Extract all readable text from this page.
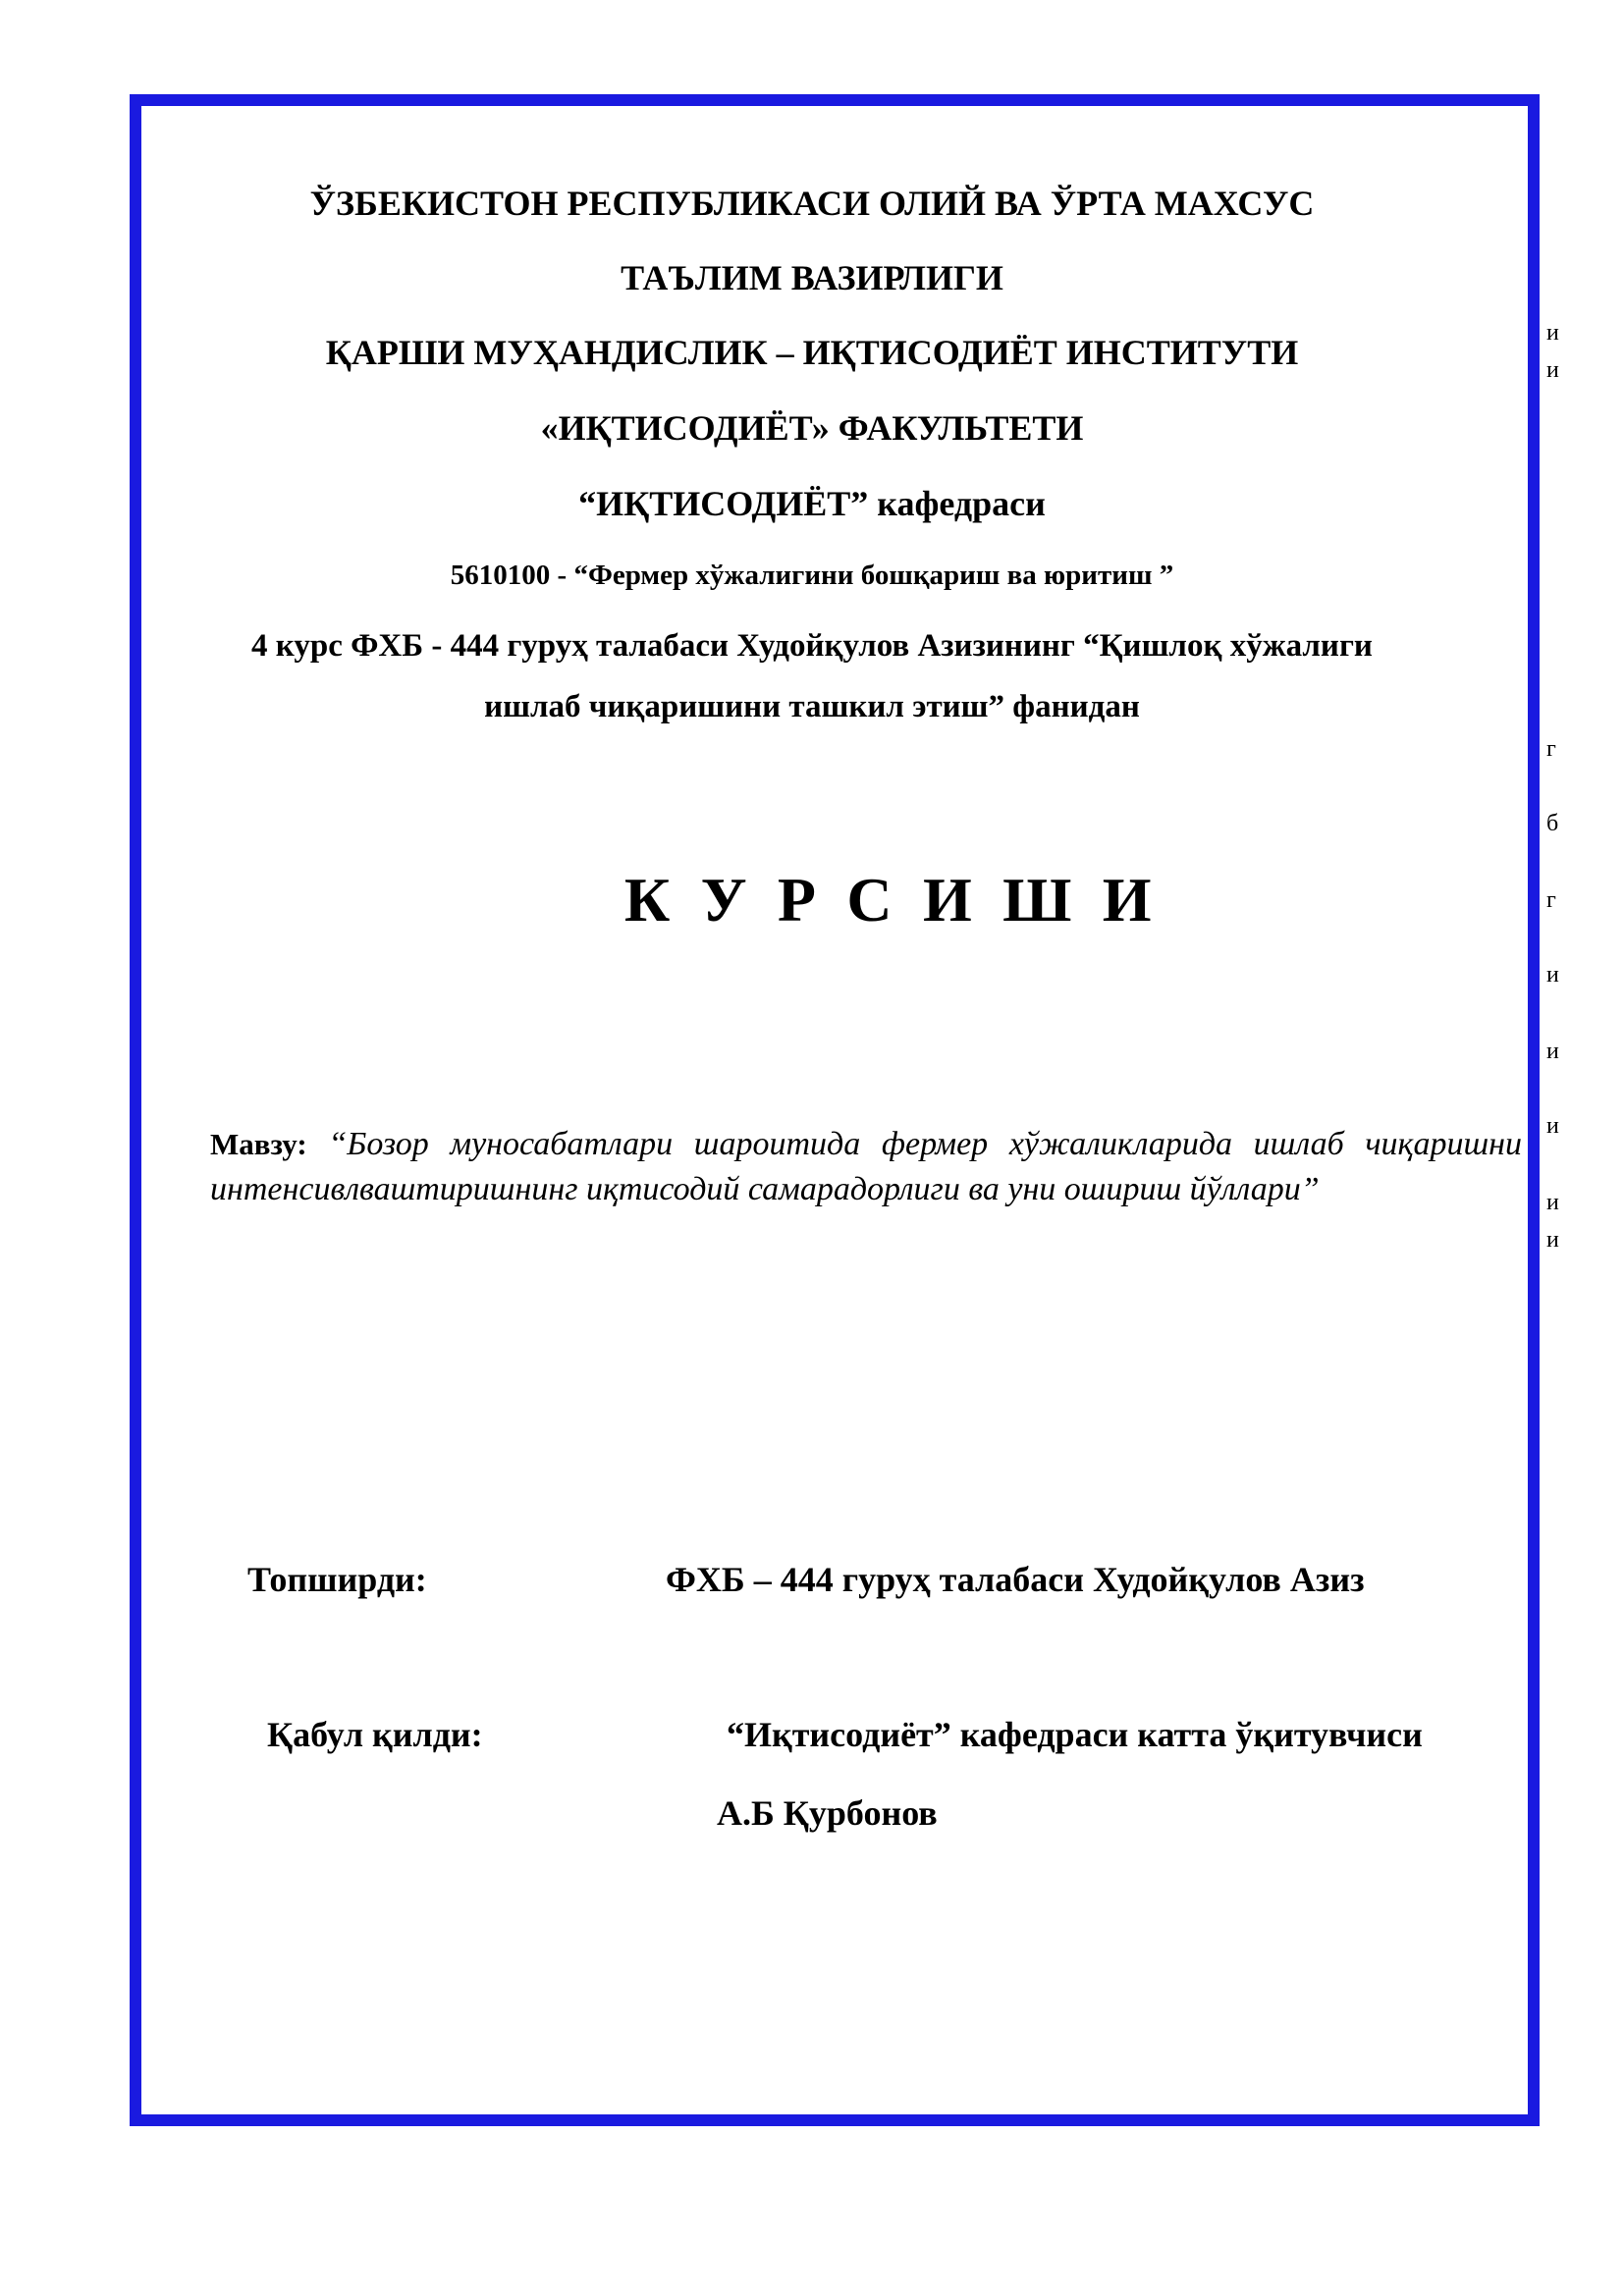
ЎЗБЕКИСТОН РЕСПУБЛИКАСИ ОЛИЙ ВА ЎРТА МАХСУС
ТАЪЛИМ ВАЗИРЛИГИ
ҚАРШИ МУҲАНДИСЛИК – ИҚТИСОДИЁТ ИНСТИТУТИ
«ИҚТИСОДИЁТ» ФАКУЛЬТЕТИ
“ИҚТИСОДИЁТ” кафедраси
5610100 - “Фермер хўжалигини бошқариш ва юритиш ”
4 курс ФХБ - 444 гуруҳ талабаси Худойқулов Азизининг “Қишлоқ хўжалиги
ишлаб чиқаришини ташкил этиш” фанидан
К У Р С И Ш И
Мавзу: “Бозор муносабатлари шароитида фермер хўжаликларида ишлаб чиқаришни интенсивлваштиришнинг иқтисодий самарадорлиги ва уни ошириш йўллари”
Топширди:	ФХБ – 444 гуруҳ талабаси Худойқулов Азиз
Қабул қилди:	“Иқтисодиёт” кафедраси катта ўқитувчиси
А.Б Қурбонов
и
и
г
б
г
и
и
и
и
и
